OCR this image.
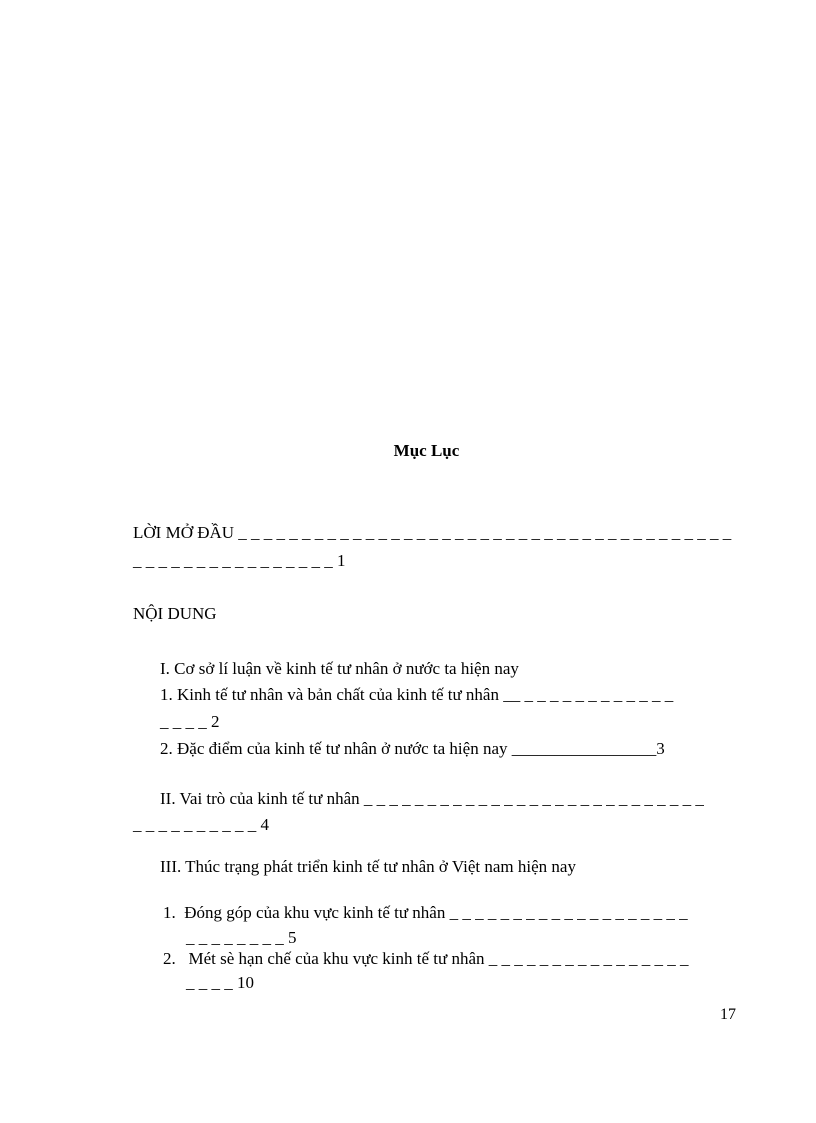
Mục Lục
LỜI MỞ ĐẦU _ _ _ _ _ _ _ _ _ _ _ _ _ _ _ _ _ _ _ _ _ _ _ _ _ _ _ _ _ _ _ _ _ _ _ _ _ _ _
_ _ _ _ _ _ _ _ _ _ _ _ _ _ _ _ 1
NỘI DUNG
I. Cơ sở lí luận về kinh tế tư nhân ở nước ta hiện nay
1. Kinh tế tư nhân và bản chất của kinh tế tư nhân __ _ _ _ _ _ _ _ _ _ _ _ _
_ _ _ _ 2
2. Đặc điểm của kinh tế tư nhân ở nước ta hiện nay _________________3
II. Vai trò của kinh tế tư nhân _ _ _ _ _ _ _ _ _ _ _ _ _ _ _ _ _ _ _ _ _ _ _ _ _ _ _
_ _ _ _ _ _ _ _ _ _ 4
III. Thúc trạng phát triển kinh tế tư nhân ở Việt nam hiện nay
1.  Đóng góp của khu vực kinh tế tư nhân _ _ _ _ _ _ _ _ _ _ _ _ _ _ _ _ _ _ _
_ _ _ _ _ _ _ _ 5
2.   Mét sè hạn chế của khu vực kinh tế tư nhân _ _ _ _ _ _ _ _ _ _ _ _ _ _ _ _
_ _ _ _ 10
17
